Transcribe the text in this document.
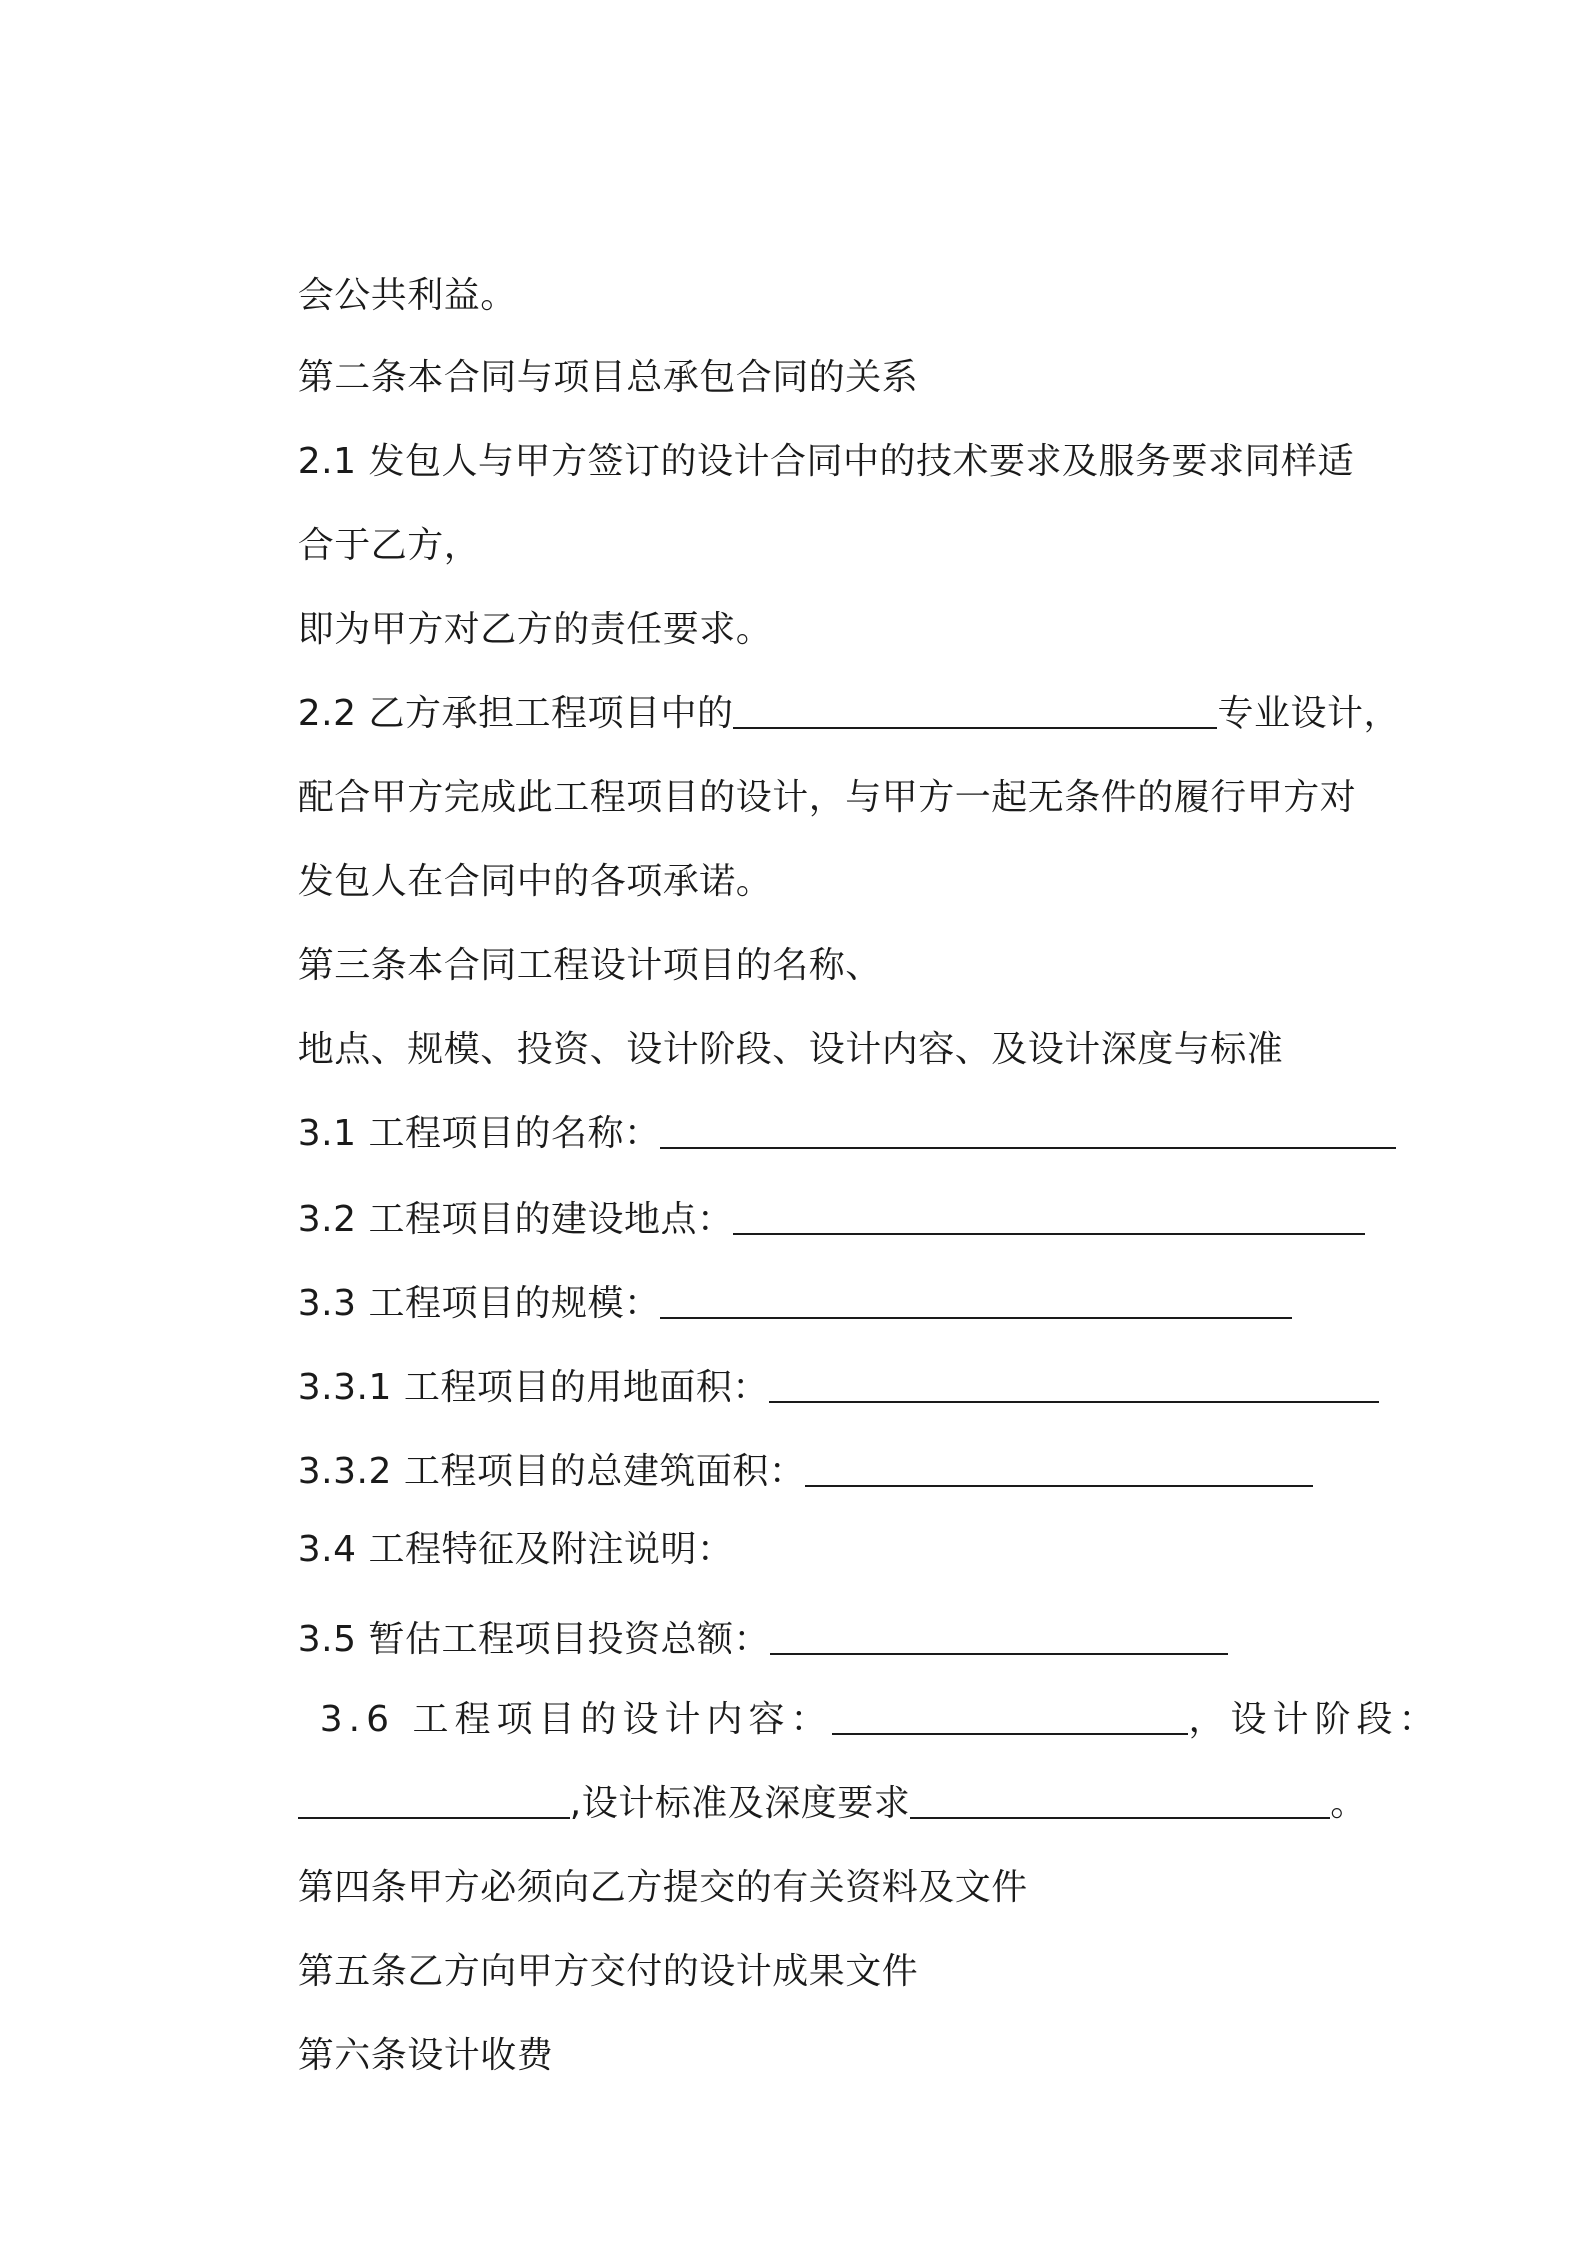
会公共利益。

第二条本合同与项目总承包合同的关系

2.1 发包人与甲方签订的设计合同中的技术要求及服务要求同样适

合于乙方，

即为甲方对乙方的责任要求。

2.2 乙方承担工程项目中的	专业设计，

配合甲方完成此工程项目的设计，与甲方一起无条件的履行甲方对

发包人在合同中的各项承诺。

第三条本合同工程设计项目的名称、

地点、规模、投资、设计阶段、设计内容、及设计深度与标准

3.1 工程项目的名称：

3.2 工程项目的建设地点：

3.3 工程项目的规模：

3.3.1 工程项目的用地面积：

3.3.2 工程项目的总建筑面积：

3.4 工程特征及附注说明：

3.5 暂估工程项目投资总额：

3.6 工程项目的设计内容：	，设计阶段：

,设计标准及深度要求	。

第四条甲方必须向乙方提交的有关资料及文件

第五条乙方向甲方交付的设计成果文件

第六条设计收费
